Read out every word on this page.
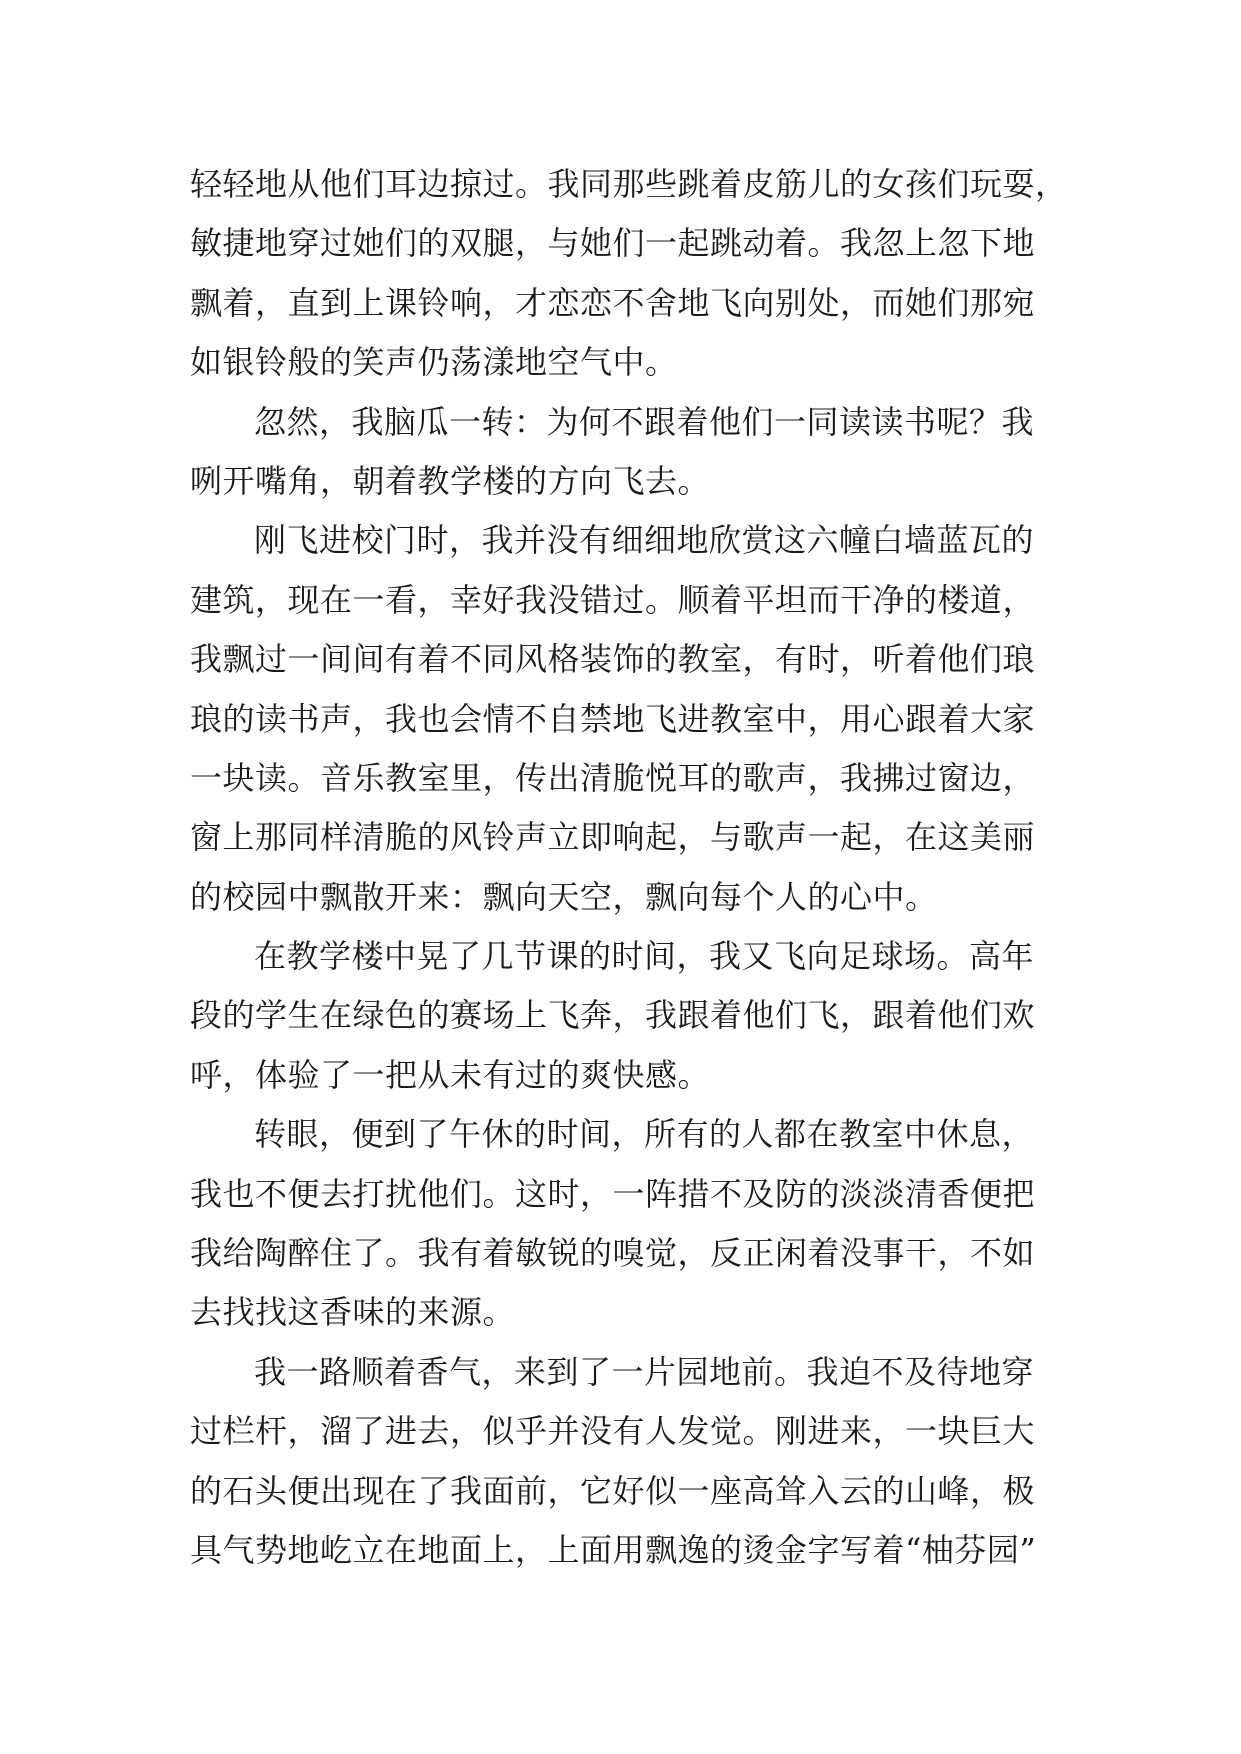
轻轻地从他们耳边掠过。我同那些跳着皮筋儿的女孩们玩耍，
敏捷地穿过她们的双腿，与她们一起跳动着。我忽上忽下地
飘着，直到上课铃响，才恋恋不舍地飞向别处，而她们那宛
如银铃般的笑声仍荡漾地空气中。
忽然，我脑瓜一转：为何不跟着他们一同读读书呢？我
咧开嘴角，朝着教学楼的方向飞去。
刚飞进校门时，我并没有细细地欣赏这六幢白墙蓝瓦的
建筑，现在一看，幸好我没错过。顺着平坦而干净的楼道，
我飘过一间间有着不同风格装饰的教室，有时，听着他们琅
琅的读书声，我也会情不自禁地飞进教室中，用心跟着大家
一块读。音乐教室里，传出清脆悦耳的歌声，我拂过窗边，
窗上那同样清脆的风铃声立即响起，与歌声一起，在这美丽
的校园中飘散开来：飘向天空，飘向每个人的心中。
在教学楼中晃了几节课的时间，我又飞向足球场。高年
段的学生在绿色的赛场上飞奔，我跟着他们飞，跟着他们欢
呼，体验了一把从未有过的爽快感。
转眼，便到了午休的时间，所有的人都在教室中休息，
我也不便去打扰他们。这时，一阵措不及防的淡淡清香便把
我给陶醉住了。我有着敏锐的嗅觉，反正闲着没事干，不如
去找找这香味的来源。
我一路顺着香气，来到了一片园地前。我迫不及待地穿
过栏杆，溜了进去，似乎并没有人发觉。刚进来，一块巨大
的石头便出现在了我面前，它好似一座高耸入云的山峰，极
具气势地屹立在地面上，上面用飘逸的烫金字写着“柚芬园”
